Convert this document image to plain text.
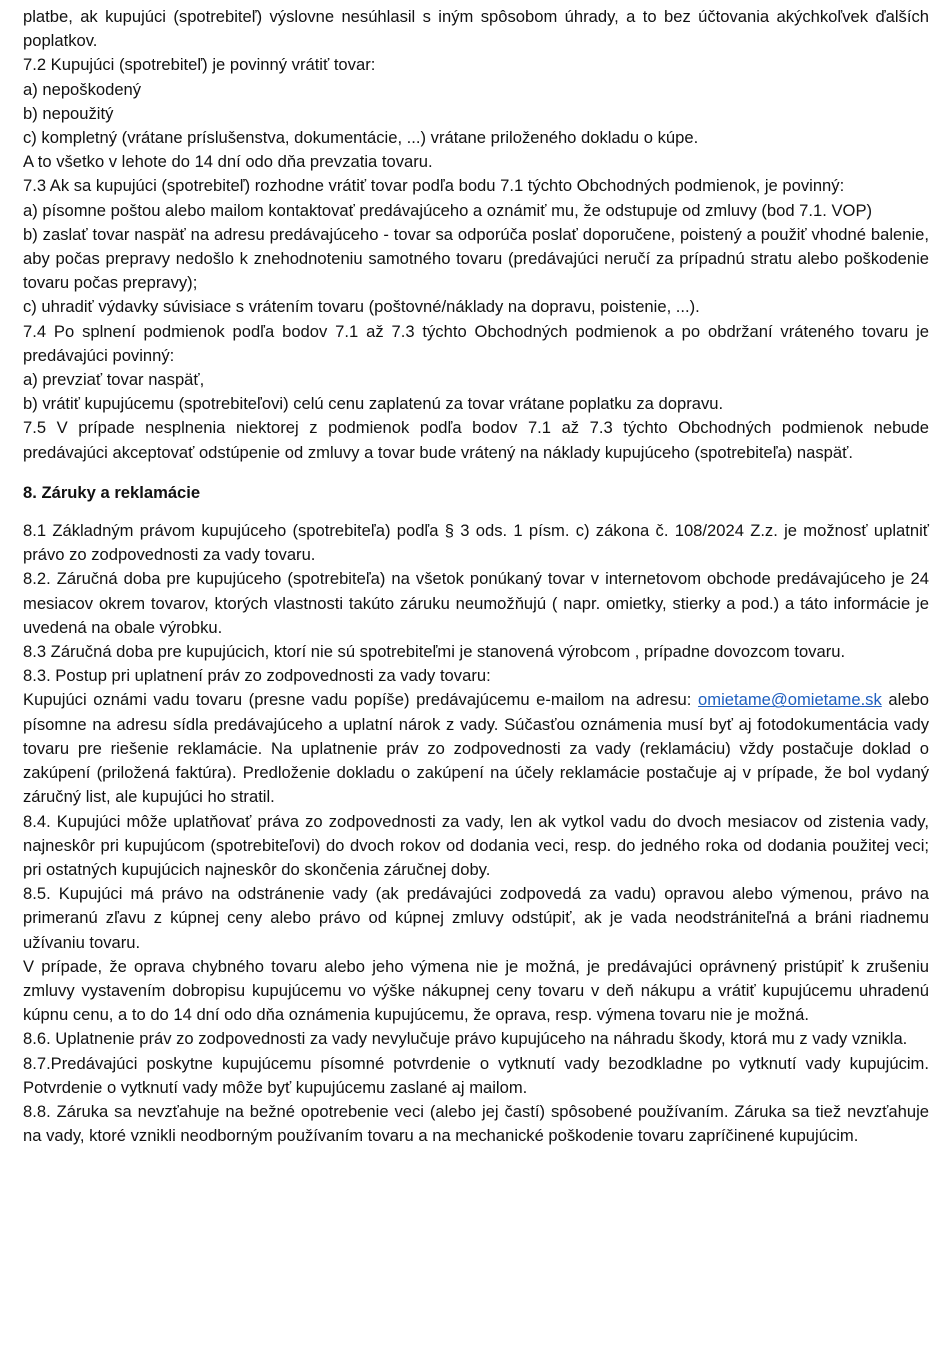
platbe, ak kupujúci (spotrebiteľ) výslovne nesúhlasil s iným spôsobom úhrady, a to bez účtovania akýchkoľvek ďalších poplatkov.

7.2 Kupujúci (spotrebiteľ) je povinný vrátiť tovar:

a) nepoškodený

b) nepoužitý

c) kompletný (vrátane príslušenstva, dokumentácie, ...) vrátane priloženého dokladu o kúpe.

A to všetko v lehote do 14 dní odo dňa prevzatia tovaru.

7.3 Ak sa kupujúci (spotrebiteľ) rozhodne vrátiť tovar podľa bodu 7.1 týchto Obchodných podmienok, je povinný:

a) písomne poštou alebo mailom kontaktovať predávajúceho a oznámiť mu, že odstupuje od zmluvy (bod 7.1. VOP)

b) zaslať tovar naspäť na adresu predávajúceho - tovar sa odporúča poslať doporučene, poistený a použiť vhodné balenie, aby počas prepravy nedošlo k znehodnoteniu samotného tovaru (predávajúci neručí za prípadnú stratu alebo poškodenie tovaru počas prepravy);

c) uhradiť výdavky súvisiace s vrátením tovaru (poštovné/náklady na dopravu, poistenie, ...).

7.4 Po splnení podmienok podľa bodov 7.1 až 7.3 týchto Obchodných podmienok a po obdržaní vráteného tovaru je predávajúci povinný:

a) prevziať tovar naspäť,

b) vrátiť kupujúcemu (spotrebiteľovi) celú cenu zaplatenú za tovar vrátane poplatku za dopravu.

7.5 V prípade nesplnenia niektorej z podmienok podľa bodov 7.1 až 7.3 týchto Obchodných podmienok nebude predávajúci akceptovať odstúpenie od zmluvy a tovar bude vrátený na náklady kupujúceho (spotrebiteľa) naspäť.

8. Záruky a reklamácie

8.1 Základným právom kupujúceho (spotrebiteľa) podľa § 3 ods. 1 písm. c) zákona č. 108/2024 Z.z. je možnosť uplatniť právo zo zodpovednosti za vady tovaru.

8.2. Záručná doba pre kupujúceho (spotrebiteľa) na všetok ponúkaný tovar v internetovom obchode predávajúceho je 24 mesiacov okrem tovarov, ktorých vlastnosti takúto záruku neumožňujú ( napr. omietky, stierky a pod.) a táto informácie je uvedená na obale výrobku.

8.3 Záručná doba pre kupujúcich, ktorí nie sú spotrebiteľmi je stanovená výrobcom , prípadne dovozcom tovaru.

8.3. Postup pri uplatnení práv zo zodpovednosti za vady tovaru:

Kupujúci oznámi vadu tovaru (presne vadu popíše) predávajúcemu e-mailom na adresu: omietame@omietame.sk alebo písomne na adresu sídla predávajúceho a uplatní nárok z vady. Súčasťou oznámenia musí byť aj fotodokumentácia vady tovaru pre riešenie reklamácie. Na uplatnenie práv zo zodpovednosti za vady (reklamáciu) vždy postačuje doklad o zakúpení (priložená faktúra). Predloženie dokladu o zakúpení na účely reklamácie postačuje aj v prípade, že bol vydaný záručný list, ale kupujúci ho stratil.

8.4. Kupujúci môže uplatňovať práva zo zodpovednosti za vady, len ak vytkol vadu do dvoch mesiacov od zistenia vady, najneskôr pri kupujúcom (spotrebiteľovi) do dvoch rokov od dodania veci, resp. do jedného roka od dodania použitej veci; pri ostatných kupujúcich najneskôr do skončenia záručnej doby.

8.5. Kupujúci má právo na odstránenie vady (ak predávajúci zodpovedá za vadu) opravou alebo výmenou, právo na primeranú zľavu z kúpnej ceny alebo právo od kúpnej zmluvy odstúpiť, ak je vada neodstrániteľná a bráni riadnemu užívaniu tovaru.

V prípade, že oprava chybného tovaru alebo jeho výmena nie je možná, je predávajúci oprávnený pristúpiť k zrušeniu zmluvy vystavením dobropisu kupujúcemu vo výške nákupnej ceny tovaru v deň nákupu a vrátiť kupujúcemu uhradenú kúpnu cenu, a to do 14 dní odo dňa oznámenia kupujúcemu, že oprava, resp. výmena tovaru nie je možná.

8.6. Uplatnenie práv zo zodpovednosti za vady nevylučuje právo kupujúceho na náhradu škody, ktorá mu z vady vznikla.

8.7.Predávajúci poskytne kupujúcemu písomné potvrdenie o vytknutí vady bezodkladne po vytknutí vady kupujúcim. Potvrdenie o vytknutí vady môže byť kupujúcemu zaslané aj mailom.

8.8. Záruka sa nevzťahuje na bežné opotrebenie veci (alebo jej častí) spôsobené používaním. Záruka sa tiež nevzťahuje na vady, ktoré vznikli neodborným používaním tovaru a na mechanické poškodenie tovaru zapríčinené kupujúcim.
